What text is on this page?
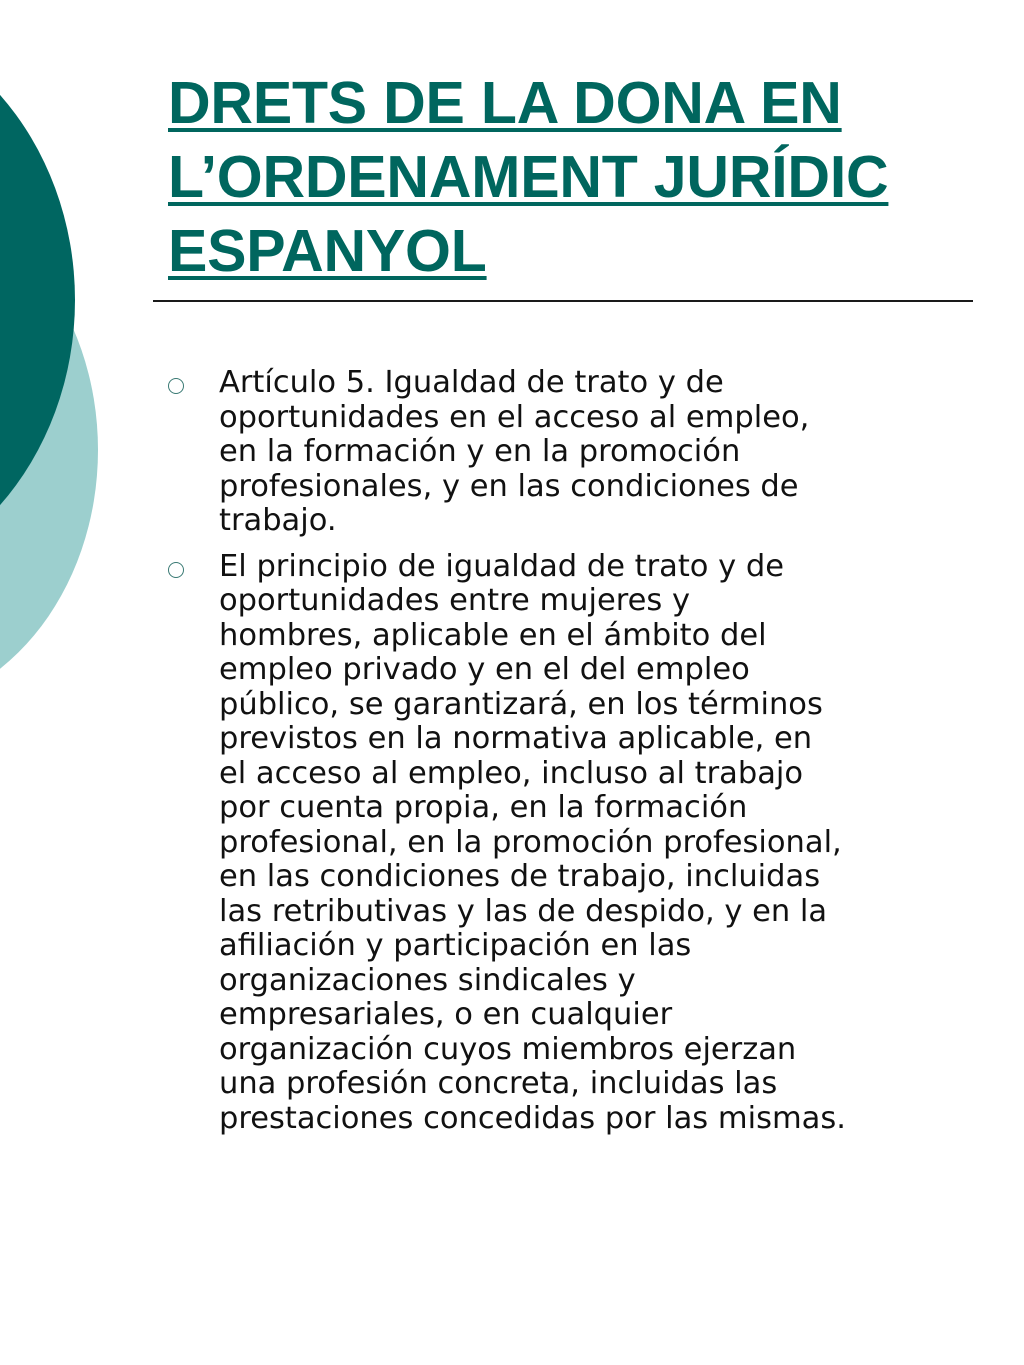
DRETS DE LA DONA EN
L’ORDENAMENT JURÍDIC
ESPANYOL
Artículo 5. Igualdad de trato y de
oportunidades en el acceso al empleo,
en la formación y en la promoción
profesionales, y en las condiciones de
trabajo.
El principio de igualdad de trato y de
oportunidades entre mujeres y
hombres, aplicable en el ámbito del
empleo privado y en el del empleo
público, se garantizará, en los términos
previstos en la normativa aplicable, en
el acceso al empleo, incluso al trabajo
por cuenta propia, en la formación
profesional, en la promoción profesional,
en las condiciones de trabajo, incluidas
las retributivas y las de despido, y en la
afiliación y participación en las
organizaciones sindicales y
empresariales, o en cualquier
organización cuyos miembros ejerzan
una profesión concreta, incluidas las
prestaciones concedidas por las mismas.
